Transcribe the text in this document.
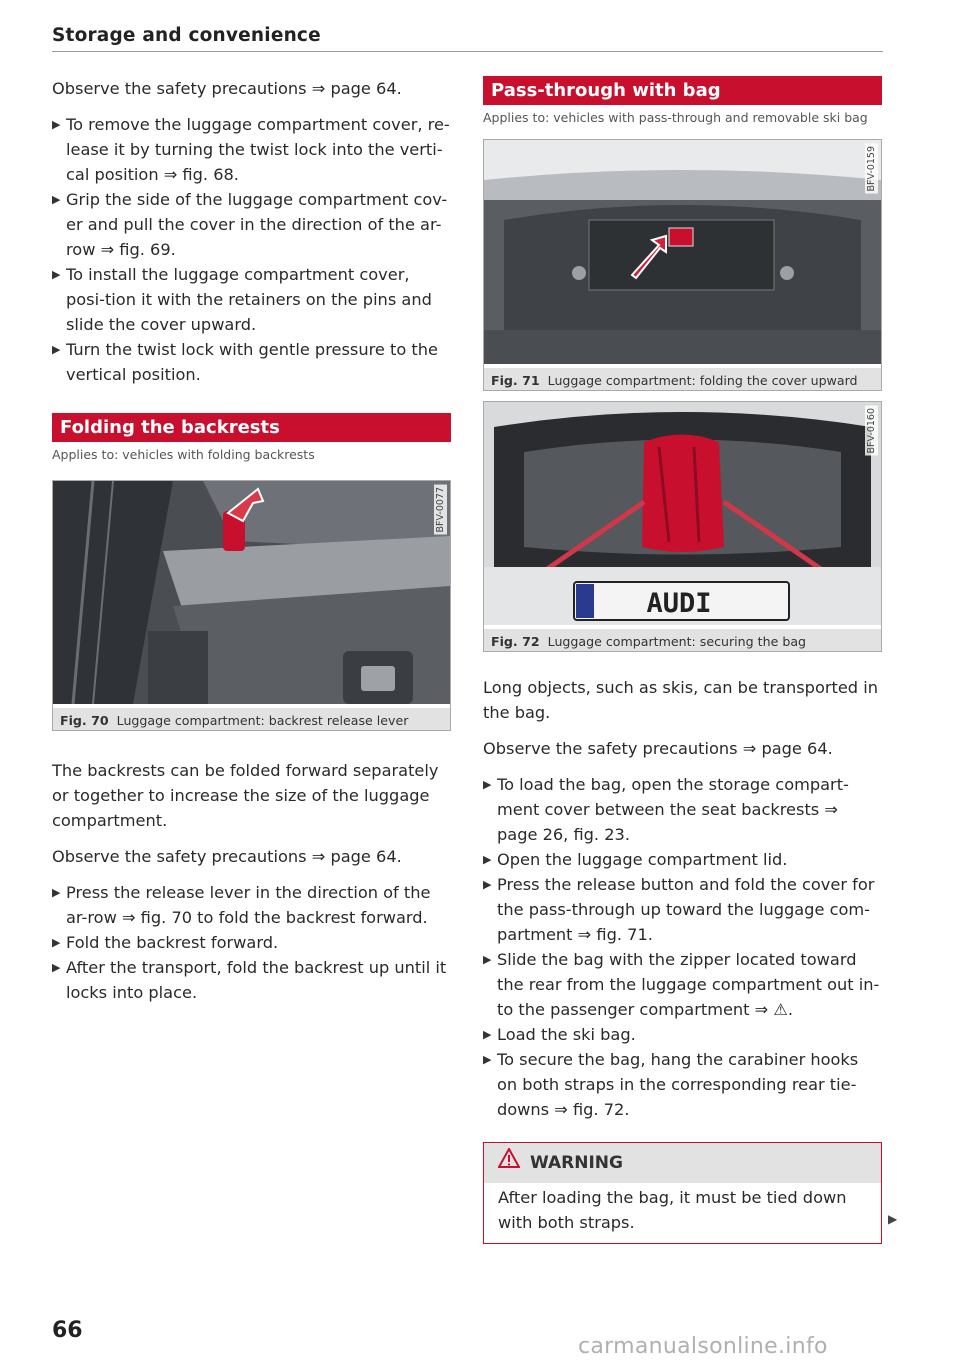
Storage and convenience

Observe the safety precautions ⇒ page 64.

▶ To remove the luggage compartment cover, re-lease it by turning the twist lock into the verti-cal position ⇒ fig. 68.
▶ Grip the side of the luggage compartment cov-er and pull the cover in the direction of the ar-row ⇒ fig. 69.
▶ To install the luggage compartment cover, posi-tion it with the retainers on the pins and slide the cover upward.
▶ Turn the twist lock with gentle pressure to the vertical position.
Folding the backrests
Applies to: vehicles with folding backrests
BFV-0077
Fig. 70 Luggage compartment: backrest release lever

The backrests can be folded forward separately or together to increase the size of the luggage compartment.

Observe the safety precautions ⇒ page 64.

▶ Press the release lever in the direction of the ar-row ⇒ fig. 70 to fold the backrest forward.
▶ Fold the backrest forward.
▶ After the transport, fold the backrest up until it locks into place.
Pass-through with bag
Applies to: vehicles with pass-through and removable ski bag
BFV-0159
Fig. 71 Luggage compartment: folding the cover upward
AUDI
BFV-0160
Fig. 72 Luggage compartment: securing the bag

Long objects, such as skis, can be transported in the bag.

Observe the safety precautions ⇒ page 64.

▶ To load the bag, open the storage compart-ment cover between the seat backrests ⇒ page 26, fig. 23.
▶ Open the luggage compartment lid.
▶ Press the release button and fold the cover for the pass-through up toward the luggage com-partment ⇒ fig. 71.
▶ Slide the bag with the zipper located toward the rear from the luggage compartment out in-to the passenger compartment ⇒ ⚠.
▶ Load the ski bag.
▶ To secure the bag, hang the carabiner hooks on both straps in the corresponding rear tie-downs ⇒ fig. 72.
WARNING
After loading the bag, it must be tied down with both straps.	▶
66
carmanualsonline.info
